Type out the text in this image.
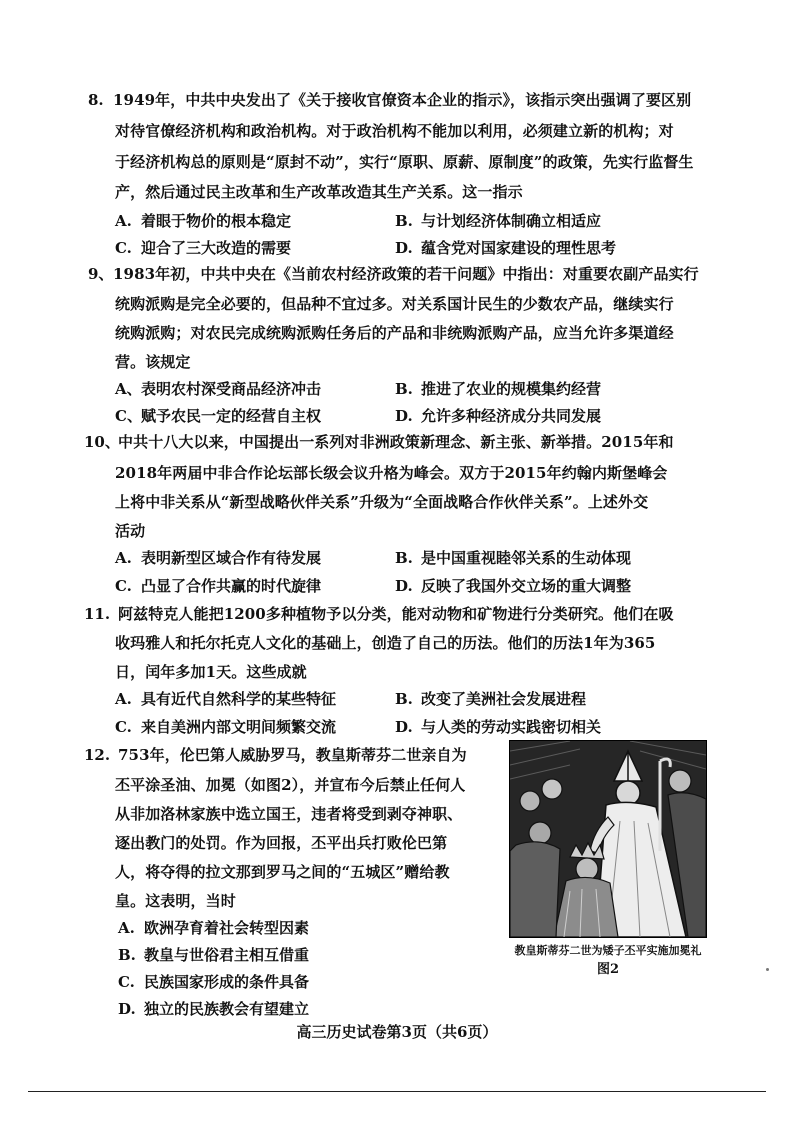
8. 1949年，中共中央发出了《关于接收官僚资本企业的指示》，该指示突出强调了要区别
对待官僚经济机构和政治机构。对于政治机构不能加以利用，必须建立新的机构；对
于经济机构总的原则是“原封不动”，实行“原职、原薪、原制度”的政策，先实行监督生
产，然后通过民主改革和生产改革改造其生产关系。这一指示
A. 着眼于物价的根本稳定	B. 与计划经济体制确立相适应
C. 迎合了三大改造的需要	D. 蕴含党对国家建设的理性思考
9、 1983年初，中共中央在《当前农村经济政策的若干问题》中指出：对重要农副产品实行
统购派购是完全必要的，但品种不宜过多。对关系国计民生的少数农产品，继续实行
统购派购；对农民完成统购派购任务后的产品和非统购派购产品，应当允许多渠道经
营。该规定
A、表明农村深受商品经济冲击	B. 推进了农业的规模集约经营
C、赋予农民一定的经营自主权	D. 允许多种经济成分共同发展
10、
中共十八大以来，中国提出一系列对非洲政策新理念、新主张、新举措。2015年和
2018年两届中非合作论坛部长级会议升格为峰会。双方于2015年约翰内斯堡峰会
上将中非关系从“新型战略伙伴关系”升级为“全面战略合作伙伴关系”。上述外交
活动
A. 表明新型区域合作有待发展	B. 是中国重视睦邻关系的生动体现
C. 凸显了合作共赢的时代旋律	D. 反映了我国外交立场的重大调整
11. 阿兹特克人能把1200多种植物予以分类，能对动物和矿物进行分类研究。他们在吸
收玛雅人和托尔托克人文化的基础上，创造了自己的历法。他们的历法1年为365
日，闰年多加1天。这些成就
A. 具有近代自然科学的某些特征	B. 改变了美洲社会发展进程
C. 来自美洲内部文明间频繁交流	D. 与人类的劳动实践密切相关
12. 753年，伦巴第人威胁罗马，教皇斯蒂芬二世亲自为
丕平涂圣油、加冕（如图2），并宣布今后禁止任何人
从非加洛林家族中选立国王，违者将受到剥夺神职、
逐出教门的处罚。作为回报，丕平出兵打败伦巴第
人，将夺得的拉文那到罗马之间的“五城区”赠给教
皇。这表明，当时
A. 欧洲孕育着社会转型因素
B. 教皇与世俗君主相互借重
C. 民族国家形成的条件具备
D. 独立的民族教会有望建立
教皇斯蒂芬二世为矮子丕平实施加冕礼
图2
高三历史试卷第3页（共6页）
